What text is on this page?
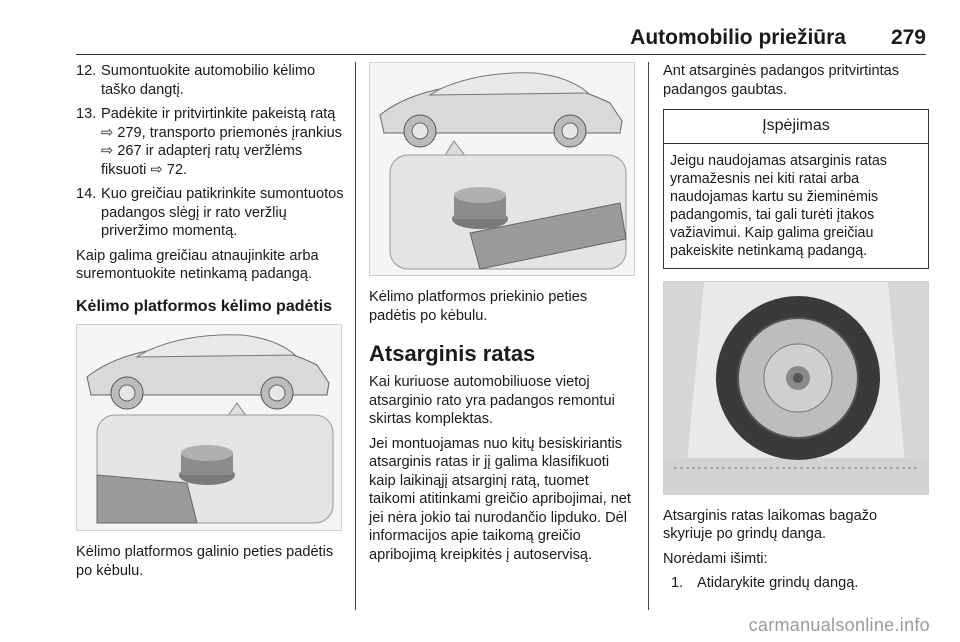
Automobilio priežiūra 279
12. Sumontuokite automobilio kėlimo taško dangtį.
13. Padėkite ir pritvirtinkite pakeistą ratą ⇨ 279, transporto priemonės įrankius ⇨ 267 ir adapterį ratų veržlėms fiksuoti ⇨ 72.
14. Kuo greičiau patikrinkite sumontuotos padangos slėgį ir rato veržlių priveržimo momentą.

Kaip galima greičiau atnaujinkite arba suremontuokite netinkamą padangą.

Kėlimo platformos kėlimo padėtis

Kėlimo platformos galinio peties padėtis po kėbulu.

Kėlimo platformos priekinio peties padėtis po kėbulu.

Atsarginis ratas

Kai kuriuose automobiliuose vietoj atsarginio rato yra padangos remontui skirtas komplektas.

Jei montuojamas nuo kitų besiskiriantis atsarginis ratas ir jį galima klasifikuoti kaip laikinąjį atsarginį ratą, tuomet taikomi atitinkami greičio apribojimai, net jei nėra jokio tai nurodančio lipduko. Dėl informacijos apie taikomą greičio apribojimą kreipkitės į autoservisą.

Ant atsarginės padangos pritvirtintas padangos gaubtas.

Įspėjimas
Jeigu naudojamas atsarginis ratas yramažesnis nei kiti ratai arba naudojamas kartu su žieminėmis padangomis, tai gali turėti įtakos važiavimui. Kaip galima greičiau pakeiskite netinkamą padangą.

Atsarginis ratas laikomas bagažo skyriuje po grindų danga.

Norėdami išimti:

1. Atidarykite grindų dangą.
carmanualsonline.info
